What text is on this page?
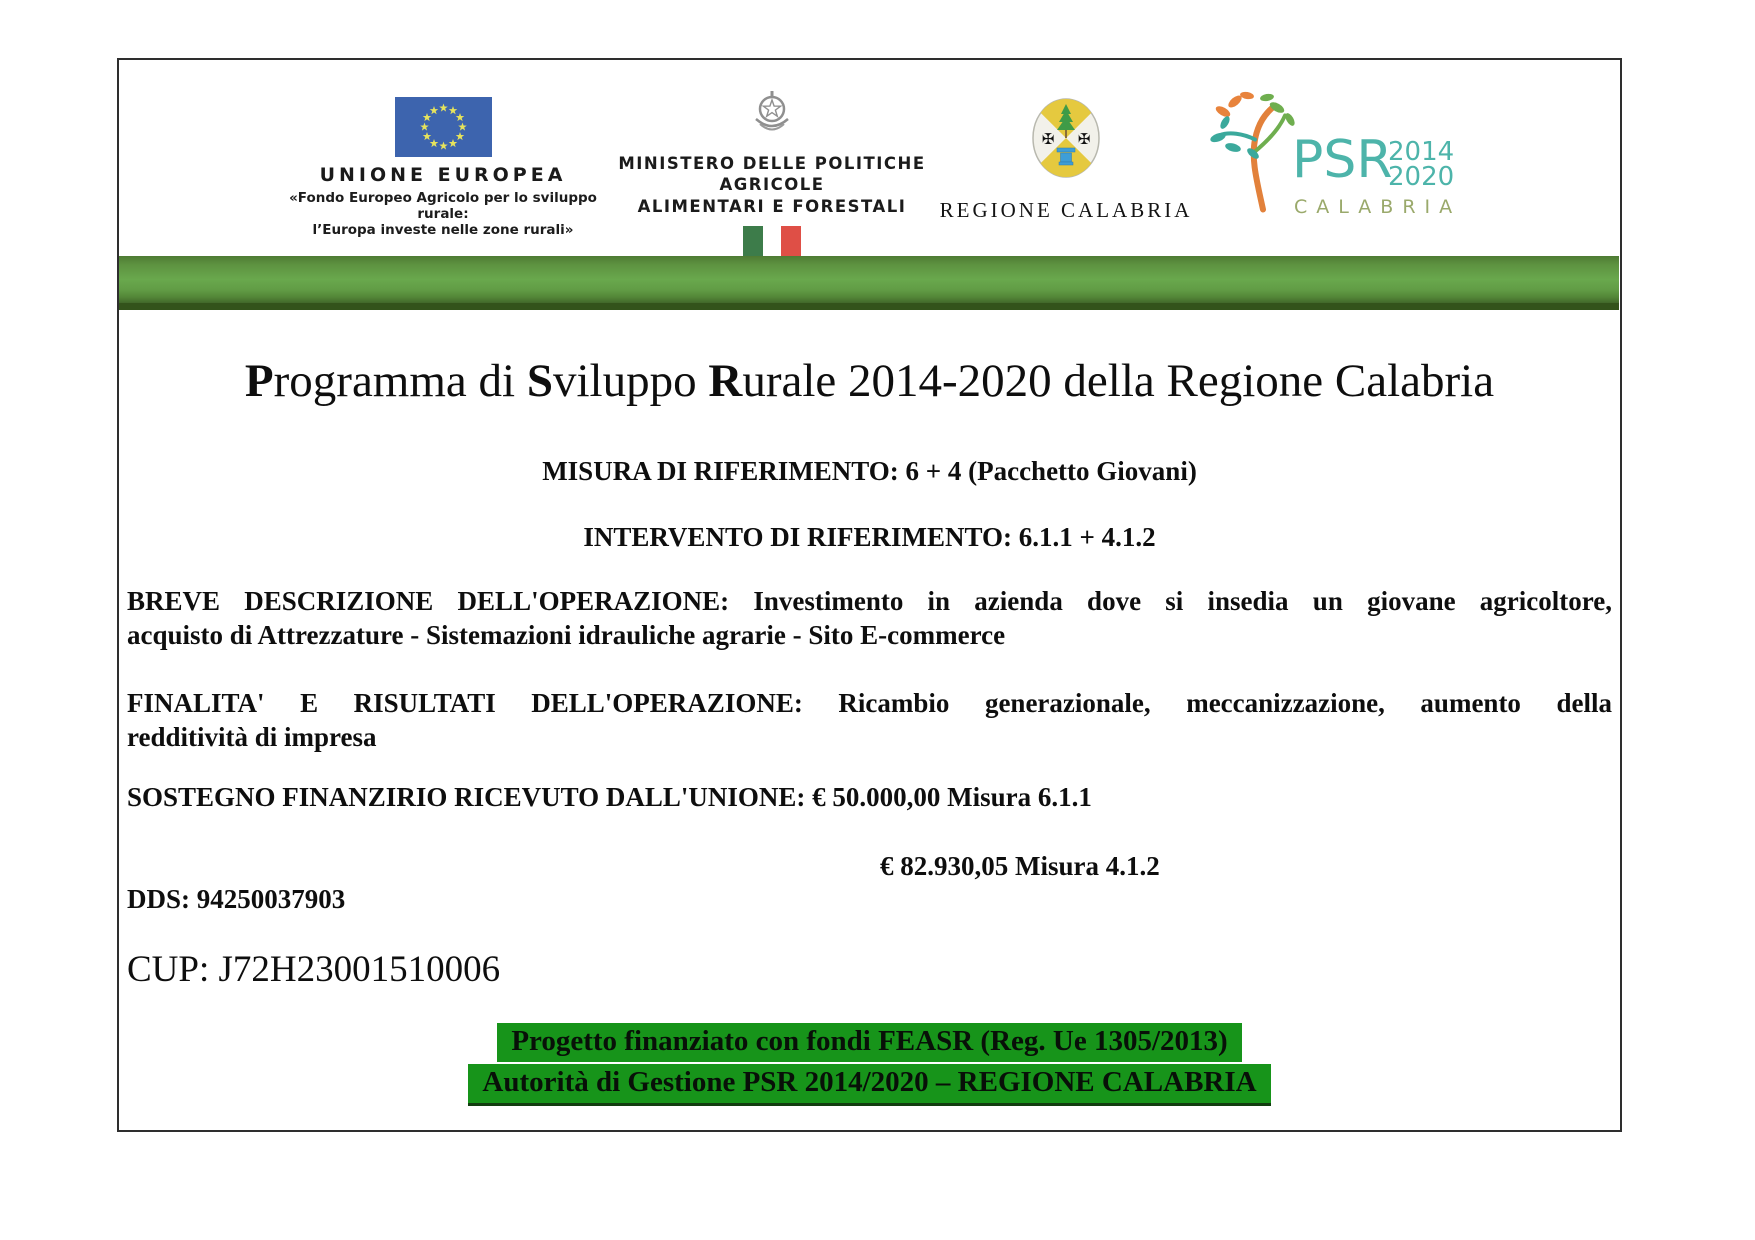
UNIONE EUROPEA
«Fondo Europeo Agricolo per lo sviluppo rurale:
l’Europa investe nelle zone rurali»
MINISTERO DELLE POLITICHE AGRICOLE
ALIMENTARI E FORESTALI
✠ ✠
REGIONE CALABRIA
PSR
2014
2020
CALABRIA
Programma di Sviluppo Rurale 2014-2020 della Regione Calabria
MISURA DI RIFERIMENTO: 6 + 4 (Pacchetto Giovani)
INTERVENTO DI RIFERIMENTO: 6.1.1 + 4.1.2
BREVE DESCRIZIONE DELL'OPERAZIONE: Investimento in azienda dove si insedia un giovane agricoltore,
acquisto di Attrezzature - Sistemazioni idrauliche agrarie - Sito E-commerce
FINALITA' E RISULTATI DELL'OPERAZIONE: Ricambio generazionale, meccanizzazione, aumento della
redditività di impresa
SOSTEGNO FINANZIRIO RICEVUTO DALL'UNIONE: € 50.000,00 Misura 6.1.1
€ 82.930,05 Misura 4.1.2
DDS: 94250037903
CUP: J72H23001510006
Progetto finanziato con fondi FEASR (Reg. Ue 1305/2013)
Autorità di Gestione PSR 2014/2020 – REGIONE CALABRIA
